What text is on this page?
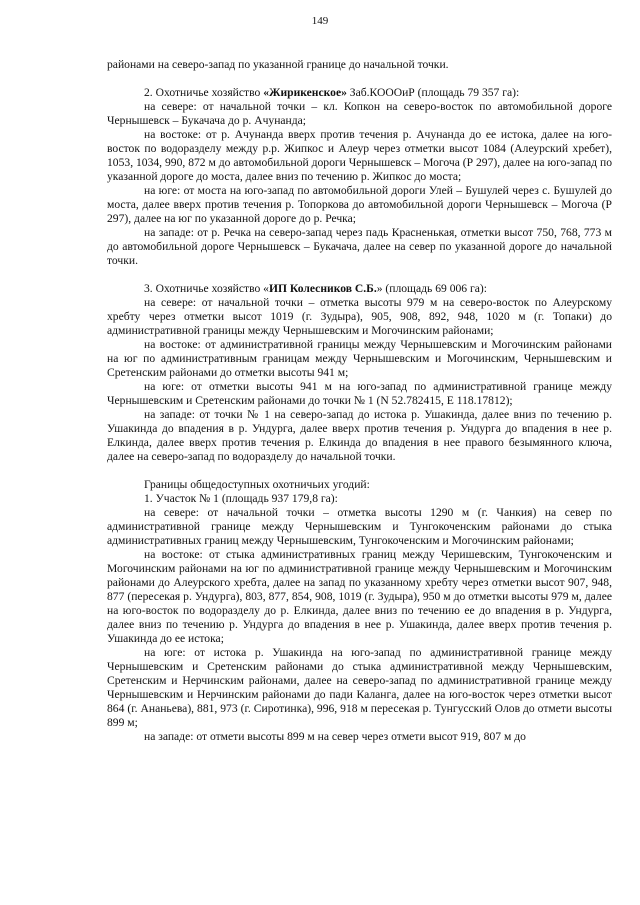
149

районами на северо-запад по указанной границе до начальной точки.

2. Охотничье хозяйство «Жирикенское» Заб.КОООиР (площадь 79 357 га):

на севере: от начальной точки – кл. Копкон на северо-восток по автомобильной дороге Чернышевск – Букачача до р. Ачунанда;

на востоке: от р. Ачунанда вверх против течения р. Ачунанда до ее истока, далее на юго-восток по водоразделу между р.р. Жипкос и Алеур через отметки высот 1084 (Алеурский хребет), 1053, 1034, 990, 872 м до автомобильной дороги Чернышевск – Могоча (Р 297), далее на юго-запад по указанной дороге до моста, далее вниз по течению р. Жипкос до моста;

на юге: от моста на юго-запад по автомобильной дороги Улей – Бушулей через с. Бушулей до моста, далее вверх против течения р. Топоркова до автомобильной дороги Чернышевск – Могоча (Р 297), далее на юг по указанной дороге до р. Речка;

на западе: от р. Речка на северо-запад через падь Красненькая, отметки высот 750, 768, 773 м до автомобильной дороге Чернышевск – Букачача, далее на север по указанной дороге до начальной точки.

3. Охотничье хозяйство «ИП Колесников С.Б.» (площадь 69 006 га):

на севере: от начальной точки – отметка высоты 979 м на северо-восток по Алеурскому хребту через отметки высот 1019 (г. Зудыра), 905, 908, 892, 948, 1020 м (г. Топаки) до административной границы между Чернышевским и Могочинским районами;

на востоке: от административной границы между Чернышевским и Могочинским районами на юг по административным границам между Чернышевским и Могочинским, Чернышевским и Сретенским районами до отметки высоты 941 м;

на юге: от отметки высоты 941 м на юго-запад по административной границе между Чернышевским и Сретенским районами до точки № 1 (N 52.782415, E 118.17812);

на западе: от точки № 1 на северо-запад до истока р. Ушакинда, далее вниз по течению р. Ушакинда до впадения в р. Ундурга, далее вверх против течения р. Ундурга до впадения в нее р. Елкинда, далее вверх против течения р. Елкинда до впадения в нее правого безымянного ключа, далее на северо-запад по водоразделу до начальной точки.

Границы общедоступных охотничьих угодий:

1. Участок № 1 (площадь 937 179,8 га):

на севере: от начальной точки – отметка высоты 1290 м (г. Чанкия) на север по административной границе между Чернышевским и Тунгокоченским районами до стыка административных границ между Чернышевским, Тунгокоченским и Могочинским районами;

на востоке: от стыка административных границ между Черишевским, Тунгокоченским и Могочинским районами на юг по административной границе между Чернышевским и Могочинским районами до Алеурского хребта, далее на запад по указанному хребту через отметки высот 907, 948, 877 (пересекая р. Ундурга), 803, 877, 854, 908, 1019 (г. Зудыра), 950 м до отметки высоты 979 м, далее на юго-восток по водоразделу до р. Елкинда, далее вниз по течению ее до впадения в р. Ундурга, далее вниз по течению р. Ундурга до впадения в нее р. Ушакинда, далее вверх против течения р. Ушакинда до ее истока;

на юге: от истока р. Ушакинда на юго-запад по административной границе между Чернышевским и Сретенским районами до стыка административной между Чернышевским, Сретенским и Нерчинским районами, далее на северо-запад по административной границе между Чернышевским и Нерчинским районами до пади Каланга, далее на юго-восток через отметки высот 864 (г. Ананьева), 881, 973 (г. Сиротинка), 996, 918 м пересекая р. Тунгусский Олов до отмети высоты 899 м;

на западе: от отмети высоты 899 м на север через отмети высот 919, 807 м до
